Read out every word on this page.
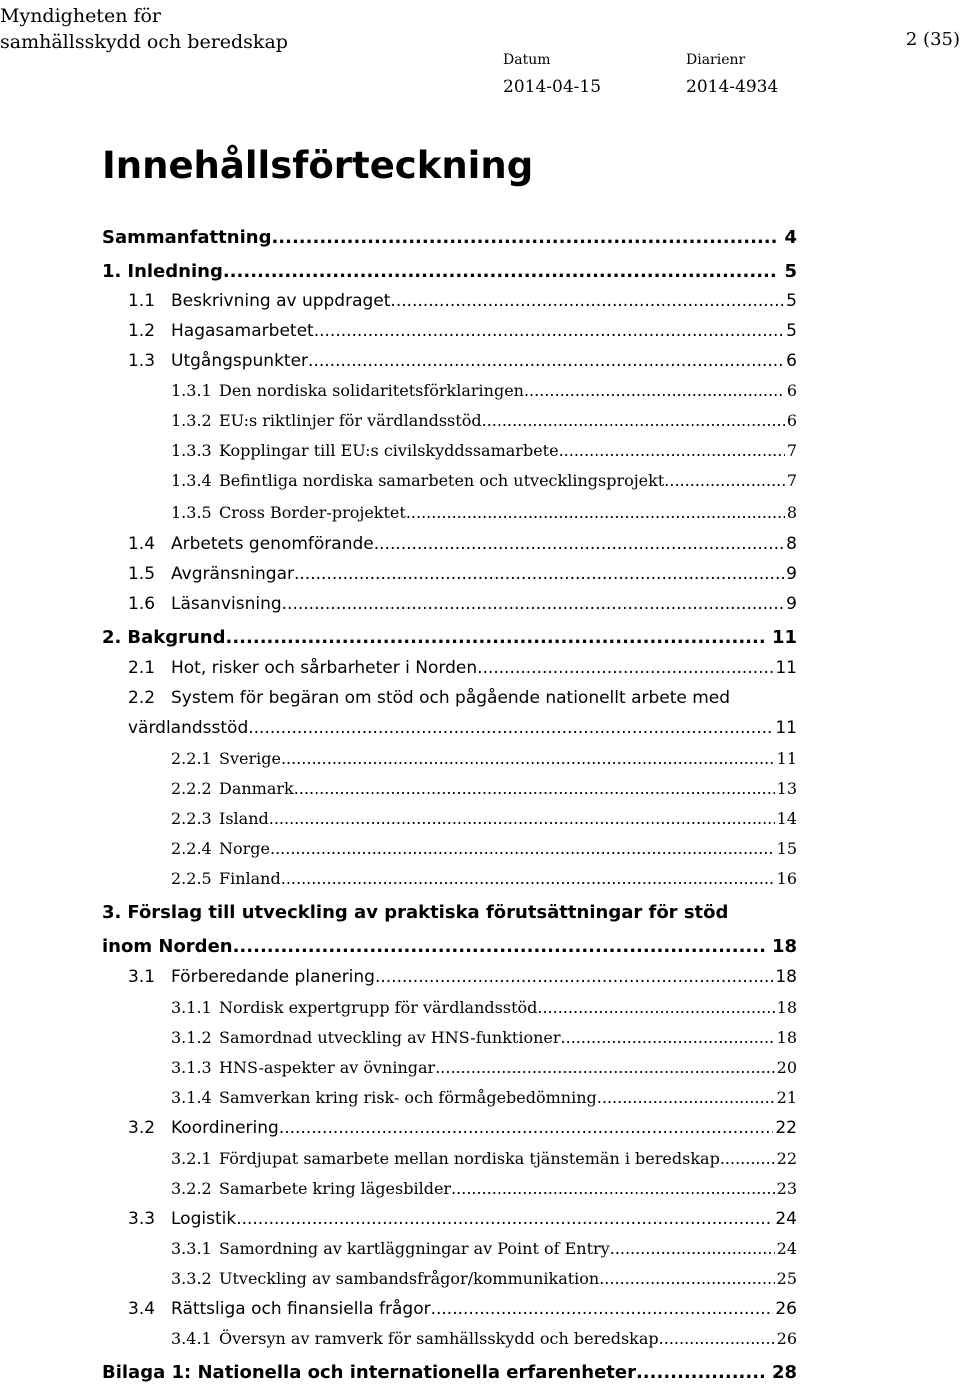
Myndigheten för
samhällsskydd och beredskap	2 (35)
Datum
2014-04-15
Diarienr
2014-4934
Innehållsförteckning
Sammanfattning .....	4
1. Inledning .....	5
1.1 Beskrivning av uppdraget .....	5
1.2 Hagasamarbetet .....	5
1.3 Utgångspunkter .....	6
1.3.1 Den nordiska solidaritetsförklaringen .....	6
1.3.2 EU:s riktlinjer för värdlandsstöd .....	6
1.3.3 Kopplingar till EU:s civilskyddssamarbete .....	7
1.3.4 Befintliga nordiska samarbeten och utvecklingsprojekt .....	7
1.3.5 Cross Border-projektet .....	8
1.4 Arbetets genomförande .....	8
1.5 Avgränsningar .....	9
1.6 Läsanvisning .....	9
2. Bakgrund .....	11
2.1 Hot, risker och sårbarheter i Norden .....	11
2.2 System för begäran om stöd och pågående nationellt arbete med
värdlandsstöd .....	11
2.2.1 Sverige .....	11
2.2.2 Danmark .....	13
2.2.3 Island .....	14
2.2.4 Norge .....	15
2.2.5 Finland .....	16
3. Förslag till utveckling av praktiska förutsättningar för stöd
inom Norden .....	18
3.1 Förberedande planering .....	18
3.1.1 Nordisk expertgrupp för värdlandsstöd .....	18
3.1.2 Samordnad utveckling av HNS-funktioner .....	18
3.1.3 HNS-aspekter av övningar .....	20
3.1.4 Samverkan kring risk- och förmågebedömning .....	21
3.2 Koordinering .....	22
3.2.1 Fördjupat samarbete mellan nordiska tjänstemän i beredskap .....	22
3.2.2 Samarbete kring lägesbilder .....	23
3.3 Logistik .....	24
3.3.1 Samordning av kartläggningar av Point of Entry .....	24
3.3.2 Utveckling av sambandsfrågor/kommunikation .....	25
3.4 Rättsliga och finansiella frågor .....	26
3.4.1 Översyn av ramverk för samhällsskydd och beredskap .....	26
Bilaga 1: Nationella och internationella erfarenheter .....	28
